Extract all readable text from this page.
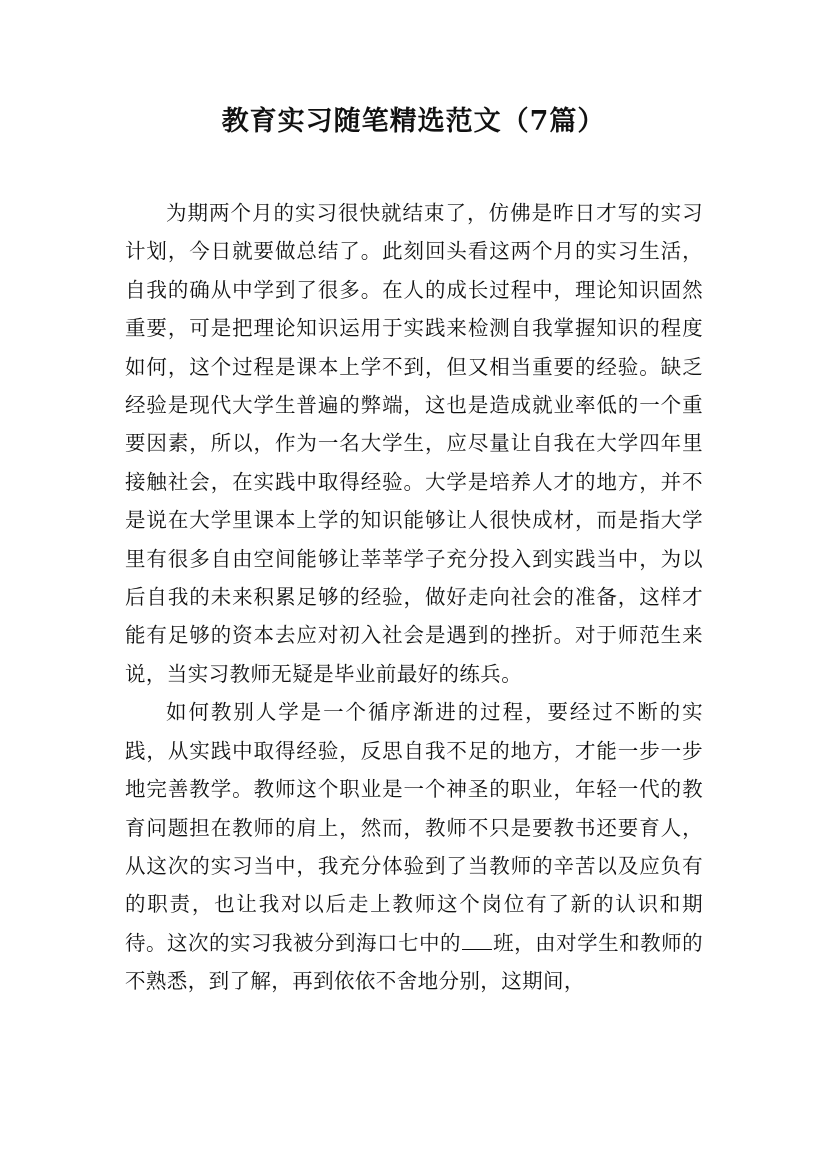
教育实习随笔精选范文（7篇）

为期两个月的实习很快就结束了，仿佛是昨日才写的实习计划，今日就要做总结了。此刻回头看这两个月的实习生活，自我的确从中学到了很多。在人的成长过程中，理论知识固然重要，可是把理论知识运用于实践来检测自我掌握知识的程度如何，这个过程是课本上学不到，但又相当重要的经验。缺乏经验是现代大学生普遍的弊端，这也是造成就业率低的一个重要因素，所以，作为一名大学生，应尽量让自我在大学四年里接触社会，在实践中取得经验。大学是培养人才的地方，并不是说在大学里课本上学的知识能够让人很快成材，而是指大学里有很多自由空间能够让莘莘学子充分投入到实践当中，为以后自我的未来积累足够的经验，做好走向社会的准备，这样才能有足够的资本去应对初入社会是遇到的挫折。对于师范生来说，当实习教师无疑是毕业前最好的练兵。

如何教别人学是一个循序渐进的过程，要经过不断的实践，从实践中取得经验，反思自我不足的地方，才能一步一步地完善教学。教师这个职业是一个神圣的职业，年轻一代的教育问题担在教师的肩上，然而，教师不只是要教书还要育人，从这次的实习当中，我充分体验到了当教师的辛苦以及应负有的职责，也让我对以后走上教师这个岗位有了新的认识和期待。这次的实习我被分到海口七中的 班，由对学生和教师的不熟悉，到了解，再到依依不舍地分别，这期间，
